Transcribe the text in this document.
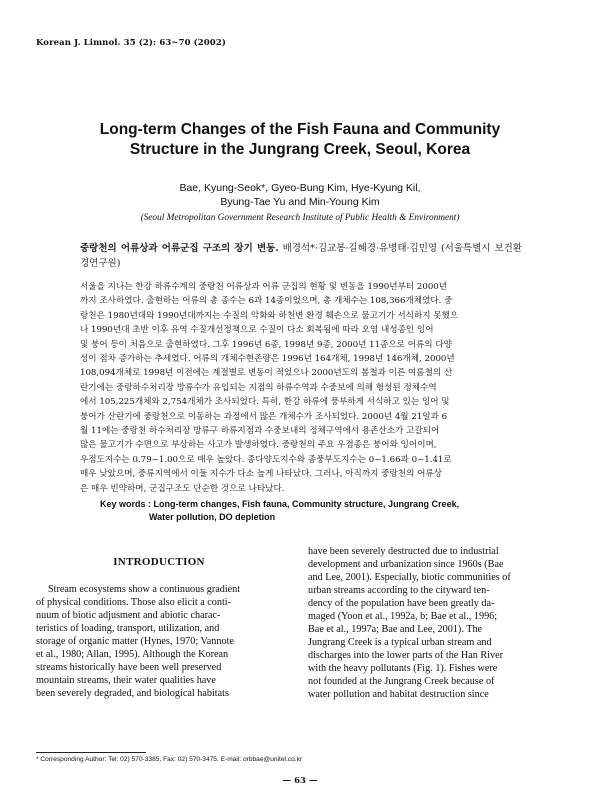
Korean J. Limnol. 35 (2): 63~70 (2002)
Long-term Changes of the Fish Fauna and Community
Structure in the Jungrang Creek, Seoul, Korea
Bae, Kyung-Seok*, Gyeo-Bung Kim, Hye-Kyung Kil,
Byung-Tae Yu and Min-Young Kim
(Seoul Metropolitan Government Research Institute of Public Health & Environment)
중랑천의 어류상과 어류군집 구조의 장기 변동. 배경석*·김교봉·길혜경·유병태·김민영 (서울특별시 보건환경연구원)

서울을 지나는 한강 하류수계의 중랑천 어류상과 어류 군집의 현황 및 변동을 1990년부터 2000년

까지 조사하였다. 출현하는 어류의 총 종수는 6과 14종이었으며, 총 개체수는 108,366개체였다. 중

랑천은 1980년대와 1990년대까지는 수질의 악화와 하천변 환경 훼손으로 물고기가 서식하지 못했으

나 1990년대 초반 이후 유역 수질개선정책으로 수질이 다소 회복됨에 따라 오염 내성종인 잉어

및 붕어 등이 처음으로 출현하였다. 그후 1996년 6종, 1998년 9종, 2000년 11종으로 어류의 다양

성이 점차 증가하는 추세였다. 어류의 개체수현존량은 1996년 164개체, 1998년 146개체, 2000년

108,094개체로 1998년 이전에는 계절별로 변동이 적었으나 2000년도의 봄철과 이른 여름철의 산

란기에는 중랑하수처리장 방류수가 유입되는 지점의 하류수역과 수중보에 의해 형성된 정체수역

에서 105,225개체와 2,754개체가 조사되었다. 특히, 한강 하류에 풍부하게 서식하고 있는 잉어 및

붕어가 산란기에 중랑천으로 이동하는 과정에서 많은 개체수가 조사되었다. 2000년 4월 21일과 6

월 11에는 중랑천 하수처리장 방류구 하류지점과 수중보내의 정체구역에서 용존산소가 고갈되어

많은 물고기가 수면으로 부상하는 사고가 발생하였다. 중랑천의 주요 우점종은 붕어와 잉어이며,

우점도지수는 0.79~1.00으로 매우 높았다. 종다양도지수와 종풍부도지수는 0~1.66과 0~1.41로

매우 낮았으며, 중류지역에서 이들 지수가 다소 높게 나타났다. 그러나, 아직까지 중랑천의 어류상

은 매우 빈약하며, 군집구조도 단순한 것으로 나타났다.

Key words : Long-term changes, Fish fauna, Community structure, Jungrang Creek,
Water pollution, DO depletion
INTRODUCTION

Stream ecosystems show a continuous gradient

of physical conditions. Those also elicit a conti-

nuum of biotic adjusment and abiotic charac-

teristics of loading, transport, utilization, and

storage of organic matter (Hynes, 1970; Vannote

et al., 1980; Allan, 1995). Although the Korean

streams historically have been well preserved

mountain streams, their water qualities have

been severely degraded, and biological habitats

have been severely destructed due to industrial

development and urbanization since 1960s (Bae

and Lee, 2001). Especially, biotic communities of

urban streams according to the cityward ten-

dency of the population have been greatly da-

maged (Yoon et al., 1992a, b; Bae et al., 1996;

Bae et al., 1997a; Bae and Lee, 2001). The

Jungrang Creek is a typical urban stream and

discharges into the lower parts of the Han River

with the heavy pollutants (Fig. 1). Fishes were

not founded at the Jungrang Creek because of

water pollution and habitat destruction since

* Corresponding Author: Tel: 02) 570-3385, Fax: 02) 570-3475, E-mail: orbbae@unitel.co.kr
— 63 —
